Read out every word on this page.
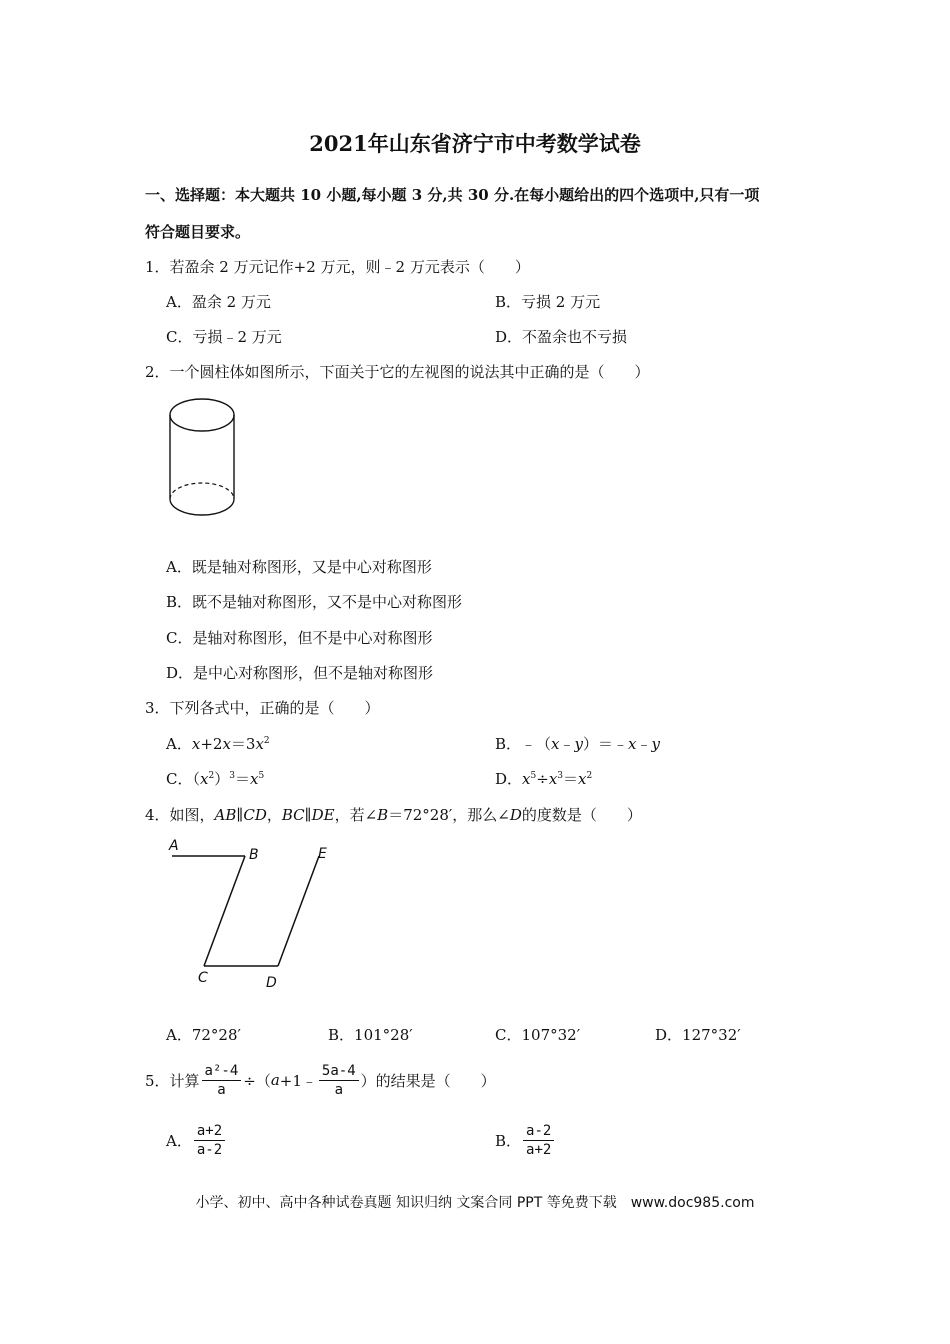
2021年山东省济宁市中考数学试卷
一、选择题：本大题共 10 小题,每小题 3 分,共 30 分.在每小题给出的四个选项中,只有一项
符合题目要求。
1．若盈余 2 万元记作+2 万元，则﹣2 万元表示（　　）
A．盈余 2 万元	B．亏损 2 万元
C．亏损﹣2 万元	D．不盈余也不亏损
2．一个圆柱体如图所示，下面关于它的左视图的说法其中正确的是（　　）
A．既是轴对称图形，又是中心对称图形
B．既不是轴对称图形，又不是中心对称图形
C．是轴对称图形，但不是中心对称图形
D．是中心对称图形，但不是轴对称图形
3．下列各式中，正确的是（　　）
A．$x+2x=3x^2$	B．﹣（x﹣y）＝﹣x﹣y
C．$(x^2)^3=x^5$	D．$x^5\div x^3=x^2$
4．如图，AB∥CD，BC∥DE，若∠B＝72°28′，那么∠D的度数是（　　）
A
B
C	D
E
A．72°28′	B．101°28′	C．107°32′	D．127°32′
5．计算 $\frac{\text{a²-4}}{a}$ ÷（ a +1﹣ $\frac{5a-4}{a}$ ）的结果是（　　）
A． $\frac{a+2}{a-2}$	B． $\frac{a-2}{a+2}$
小学、初中、高中各种试卷真题 知识归纳 文案合同 PPT 等免费下载　www.doc985.com
